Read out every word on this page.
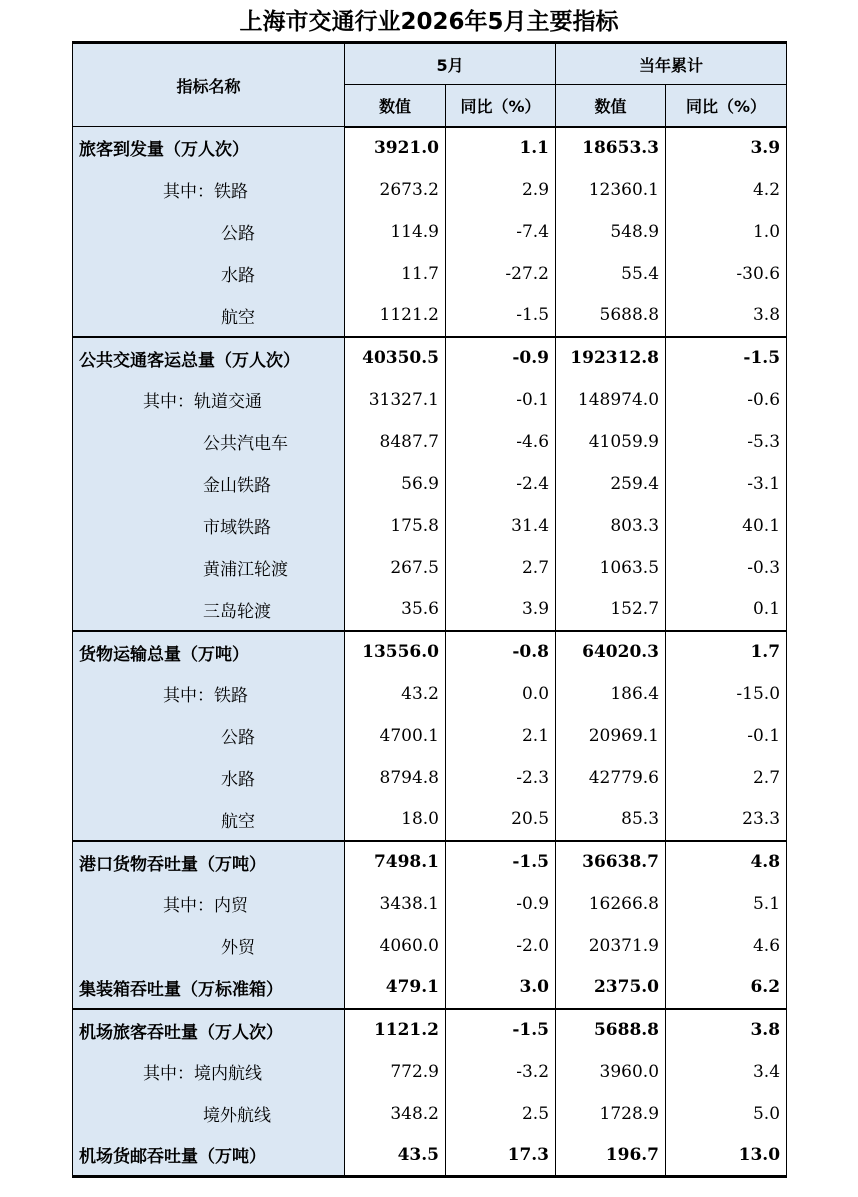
上海市交通行业2026年5月主要指标
指标名称	5月		当年累计	
	数值	同比（%）	数值	同比（%）
旅客到发量（万人次）	3921.0	1.1	18653.3	3.9
其中：铁路	2673.2	2.9	12360.1	4.2
公路	114.9	-7.4	548.9	1.0
水路	11.7	-27.2	55.4	-30.6
航空	1121.2	-1.5	5688.8	3.8
公共交通客运总量（万人次）	40350.5	-0.9	192312.8	-1.5
其中：轨道交通	31327.1	-0.1	148974.0	-0.6
公共汽电车	8487.7	-4.6	41059.9	-5.3
金山铁路	56.9	-2.4	259.4	-3.1
市域铁路	175.8	31.4	803.3	40.1
黄浦江轮渡	267.5	2.7	1063.5	-0.3
三岛轮渡	35.6	3.9	152.7	0.1
货物运输总量（万吨）	13556.0	-0.8	64020.3	1.7
其中：铁路	43.2	0.0	186.4	-15.0
公路	4700.1	2.1	20969.1	-0.1
水路	8794.8	-2.3	42779.6	2.7
航空	18.0	20.5	85.3	23.3
港口货物吞吐量（万吨）	7498.1	-1.5	36638.7	4.8
其中：内贸	3438.1	-0.9	16266.8	5.1
外贸	4060.0	-2.0	20371.9	4.6
集装箱吞吐量（万标准箱）	479.1	3.0	2375.0	6.2
机场旅客吞吐量（万人次）	1121.2	-1.5	5688.8	3.8
其中：境内航线	772.9	-3.2	3960.0	3.4
境外航线	348.2	2.5	1728.9	5.0
机场货邮吞吐量（万吨）	43.5	17.3	196.7	13.0
